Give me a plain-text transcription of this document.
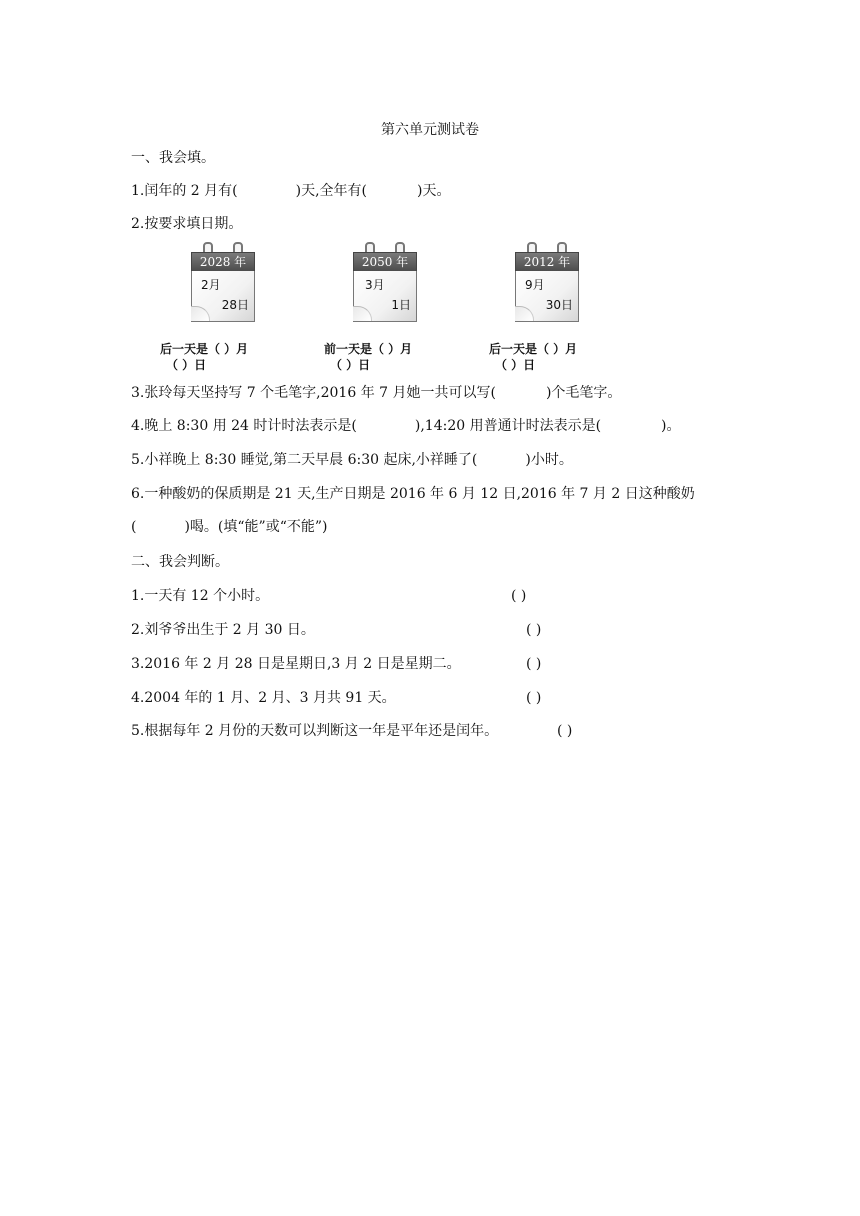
第六单元测试卷
一、我会填。
1.闰年的 2 月有(	)天,全年有(	)天。
2.按要求填日期。
2028 年
2月
28日
2050 年
3月
1日
2012 年
9月
30日
后一天是（ ）月
（ ）日
前一天是（ ）月
（ ）日
后一天是（ ）月
（ ）日
3.张玲每天坚持写 7 个毛笔字,2016 年 7 月她一共可以写(	)个毛笔字。
4.晚上 8:30 用 24 时计时法表示是(	),14:20 用普通计时法表示是(	)。
5.小祥晚上 8:30 睡觉,第二天早晨 6:30 起床,小祥睡了(	)小时。
6.一种酸奶的保质期是 21 天,生产日期是 2016 年 6 月 12 日,2016 年 7 月 2 日这种酸奶
(	)喝。(填“能”或“不能”)
二、我会判断。
1.一天有 12 个小时。	( )
2.刘爷爷出生于 2 月 30 日。	( )
3.2016 年 2 月 28 日是星期日,3 月 2 日是星期二。	( )
4.2004 年的 1 月、2 月、3 月共 91 天。	( )
5.根据每年 2 月份的天数可以判断这一年是平年还是闰年。	( )
